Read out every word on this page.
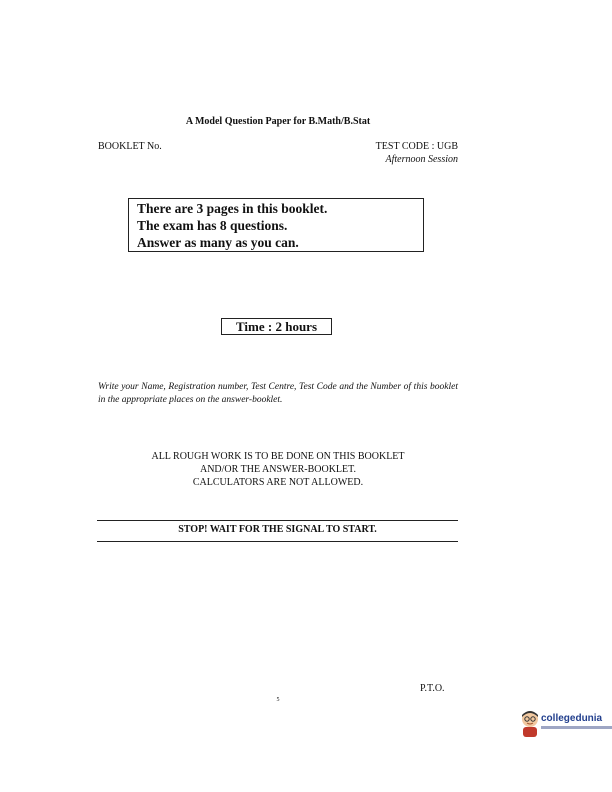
A Model Question Paper for B.Math/B.Stat
BOOKLET No.	TEST CODE : UGB
Afternoon Session
There are 3 pages in this booklet.
The exam has 8 questions.
Answer as many as you can.
Time : 2 hours
Write your Name, Registration number, Test Centre, Test Code and the Number of this booklet in the appropriate places on the answer-booklet.
ALL ROUGH WORK IS TO BE DONE ON THIS BOOKLET
AND/OR THE ANSWER-BOOKLET.
CALCULATORS ARE NOT ALLOWED.
STOP! WAIT FOR THE SIGNAL TO START.
P.T.O.
5
collegedunia
